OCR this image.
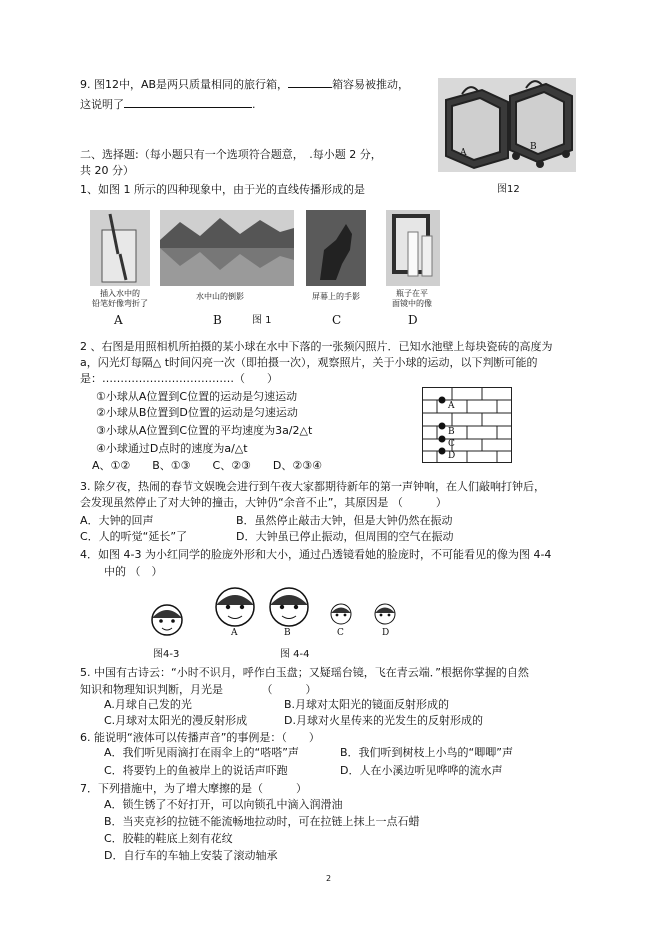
9. 图12中，AB是两只质量相同的旅行箱，	箱容易被推动，
这说明了	.
A
B
图12
二、选择题:（每小题只有一个选项符合题意，　.每小题 2 分，
共 20 分）
1、如图 1 所示的四种现象中，由于光的直线传播形成的是
插入水中的
铅笔好像弯折了
A
水中山的倒影
B	图 1
屏幕上的手影
C
瓶子在平
面镜中的像
D
2 、右图是用照相机所拍摄的某小球在水中下落的一张频闪照片．已知水池壁上每块瓷砖的高度为
a，闪光灯每隔△ t时间闪亮一次（即拍摄一次），观察照片，关于小球的运动，以下判断可能的
是：………………………………（　　）
①小球从A位置到C位置的运动是匀速运动
②小球从B位置到D位置的运动是匀速运动
③小球从A位置到C位置的平均速度为3a/2△t
④小球通过D点时的速度为a/△t
A、①②　　B、①③　　C、②③　　D、②③④
A
B
C
D
3. 除夕夜，热闹的春节文娱晚会进行到午夜大家都期待新年的第一声钟响，在人们敲响打钟后，
会发现虽然停止了对大钟的撞击，大钟仍“余音不止”，其原因是 （　　　）
A．大钟的回声	B．虽然停止敲击大钟，但是大钟仍然在振动
C．人的听觉“延长”了	D．大钟虽已停止振动，但周围的空气在振动
4．如图 4-3 为小红同学的脸庞外形和大小，通过凸透镜看她的脸庞时，不可能看见的像为图 4-4
中的 （　）
A	B	C	D
图4-3	图 4-4
5. 中国有古诗云：“小时不识月，呼作白玉盘；又疑瑶台镜，飞在青云端．”根据你掌握的自然
知识和物理知识判断，月光是　　　　（　　　）
A.月球自己发的光	B.月球对太阳光的镜面反射形成的
C.月球对太阳光的漫反射形成	D.月球对火星传来的光发生的反射形成的
6. 能说明“液体可以传播声音”的事例是：（　　）
A．我们听见雨滴打在雨伞上的“嗒嗒”声	B．我们听到树枝上小鸟的“唧唧”声
C．将要钓上的鱼被岸上的说话声吓跑	D．人在小溪边听见哗哗的流水声
7．下列措施中，为了增大摩擦的是（　　　）
A．锁生锈了不好打开，可以向锁孔中滴入润滑油
B．当夹克衫的拉链不能流畅地拉动时，可在拉链上抹上一点石蜡
C．胶鞋的鞋底上刻有花纹
D．自行车的车轴上安装了滚动轴承
2
